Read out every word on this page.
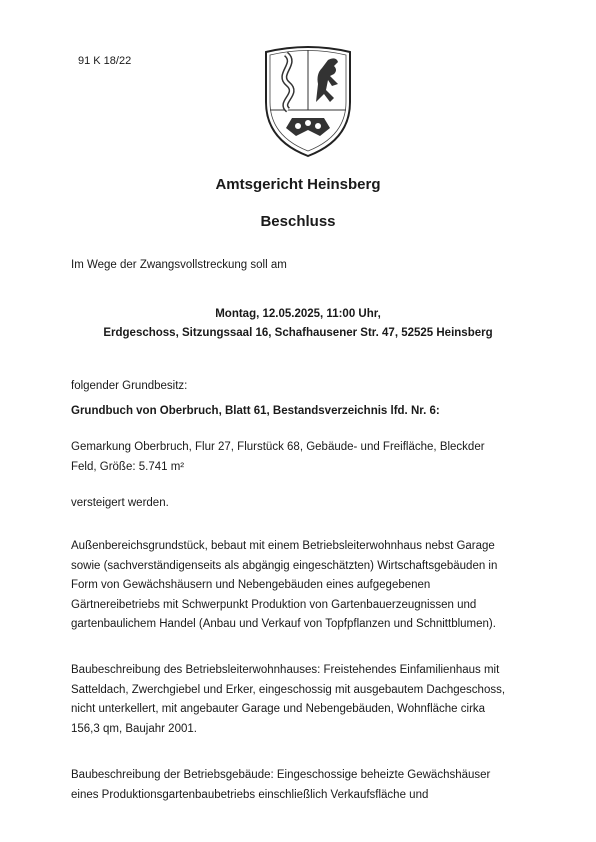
91 K 18/22
Amtsgericht Heinsberg
Beschluss
Im Wege der Zwangsvollstreckung soll am
Montag, 12.05.2025, 11:00 Uhr,
Erdgeschoss, Sitzungssaal 16, Schafhausener Str. 47, 52525 Heinsberg
folgender Grundbesitz:
Grundbuch von Oberbruch, Blatt 61, Bestandsverzeichnis lfd. Nr. 6:
Gemarkung Oberbruch, Flur 27, Flurstück 68, Gebäude- und Freifläche, Bleckder
Feld, Größe: 5.741 m²
versteigert werden.
Außenbereichsgrundstück, bebaut mit einem Betriebsleiterwohnhaus nebst Garage
sowie (sachverständigenseits als abgängig eingeschätzten) Wirtschaftsgebäuden in
Form von Gewächshäusern und Nebengebäuden eines aufgegebenen
Gärtnereibetriebs mit Schwerpunkt Produktion von Gartenbauerzeugnissen und
gartenbaulichem Handel (Anbau und Verkauf von Topfpflanzen und Schnittblumen).
Baubeschreibung des Betriebsleiterwohnhauses: Freistehendes Einfamilienhaus mit
Satteldach, Zwerchgiebel und Erker, eingeschossig mit ausgebautem Dachgeschoss,
nicht unterkellert, mit angebauter Garage und Nebengebäuden, Wohnfläche cirka
156,3 qm, Baujahr 2001.
Baubeschreibung der Betriebsgebäude: Eingeschossige beheizte Gewächshäuser
eines Produktionsgartenbaubetriebs einschließlich Verkaufsfläche und
